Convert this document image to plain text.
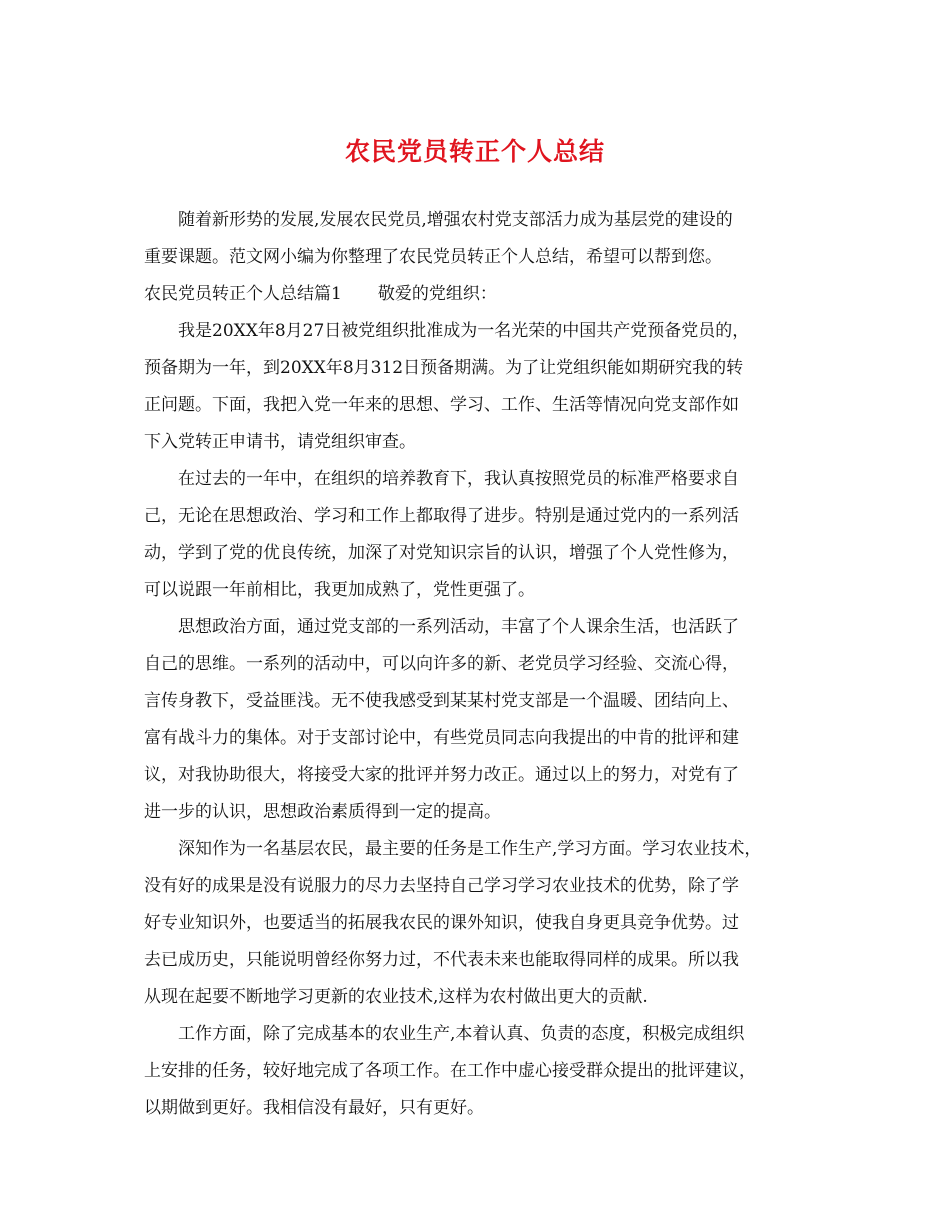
农民党员转正个人总结
随着新形势的发展,发展农民党员,增强农村党支部活力成为基层党的建设的
重要课题。范文网小编为你整理了农民党员转正个人总结，希望可以帮到您。
农民党员转正个人总结篇1 敬爱的党组织：
我是20XX年8月27日被党组织批准成为一名光荣的中国共产党预备党员的，
预备期为一年，到20XX年8月312日预备期满。为了让党组织能如期研究我的转
正问题。下面，我把入党一年来的思想、学习、工作、生活等情况向党支部作如
下入党转正申请书，请党组织审查。
在过去的一年中，在组织的培养教育下，我认真按照党员的标准严格要求自
己，无论在思想政治、学习和工作上都取得了进步。特别是通过党内的一系列活
动，学到了党的优良传统，加深了对党知识宗旨的认识，增强了个人党性修为，
可以说跟一年前相比，我更加成熟了，党性更强了。
思想政治方面，通过党支部的一系列活动，丰富了个人课余生活，也活跃了
自己的思维。一系列的活动中，可以向许多的新、老党员学习经验、交流心得，
言传身教下，受益匪浅。无不使我感受到某某村党支部是一个温暖、团结向上、
富有战斗力的集体。对于支部讨论中，有些党员同志向我提出的中肯的批评和建
议，对我协助很大，将接受大家的批评并努力改正。通过以上的努力，对党有了
进一步的认识，思想政治素质得到一定的提高。
深知作为一名基层农民，最主要的任务是工作生产,学习方面。学习农业技术，
没有好的成果是没有说服力的尽力去坚持自己学习学习农业技术的优势，除了学
好专业知识外，也要适当的拓展我农民的课外知识，使我自身更具竞争优势。过
去已成历史，只能说明曾经你努力过，不代表未来也能取得同样的成果。所以我
从现在起要不断地学习更新的农业技术,这样为农村做出更大的贡献.
工作方面，除了完成基本的农业生产,本着认真、负责的态度，积极完成组织
上安排的任务，较好地完成了各项工作。在工作中虚心接受群众提出的批评建议，
以期做到更好。我相信没有最好，只有更好。
